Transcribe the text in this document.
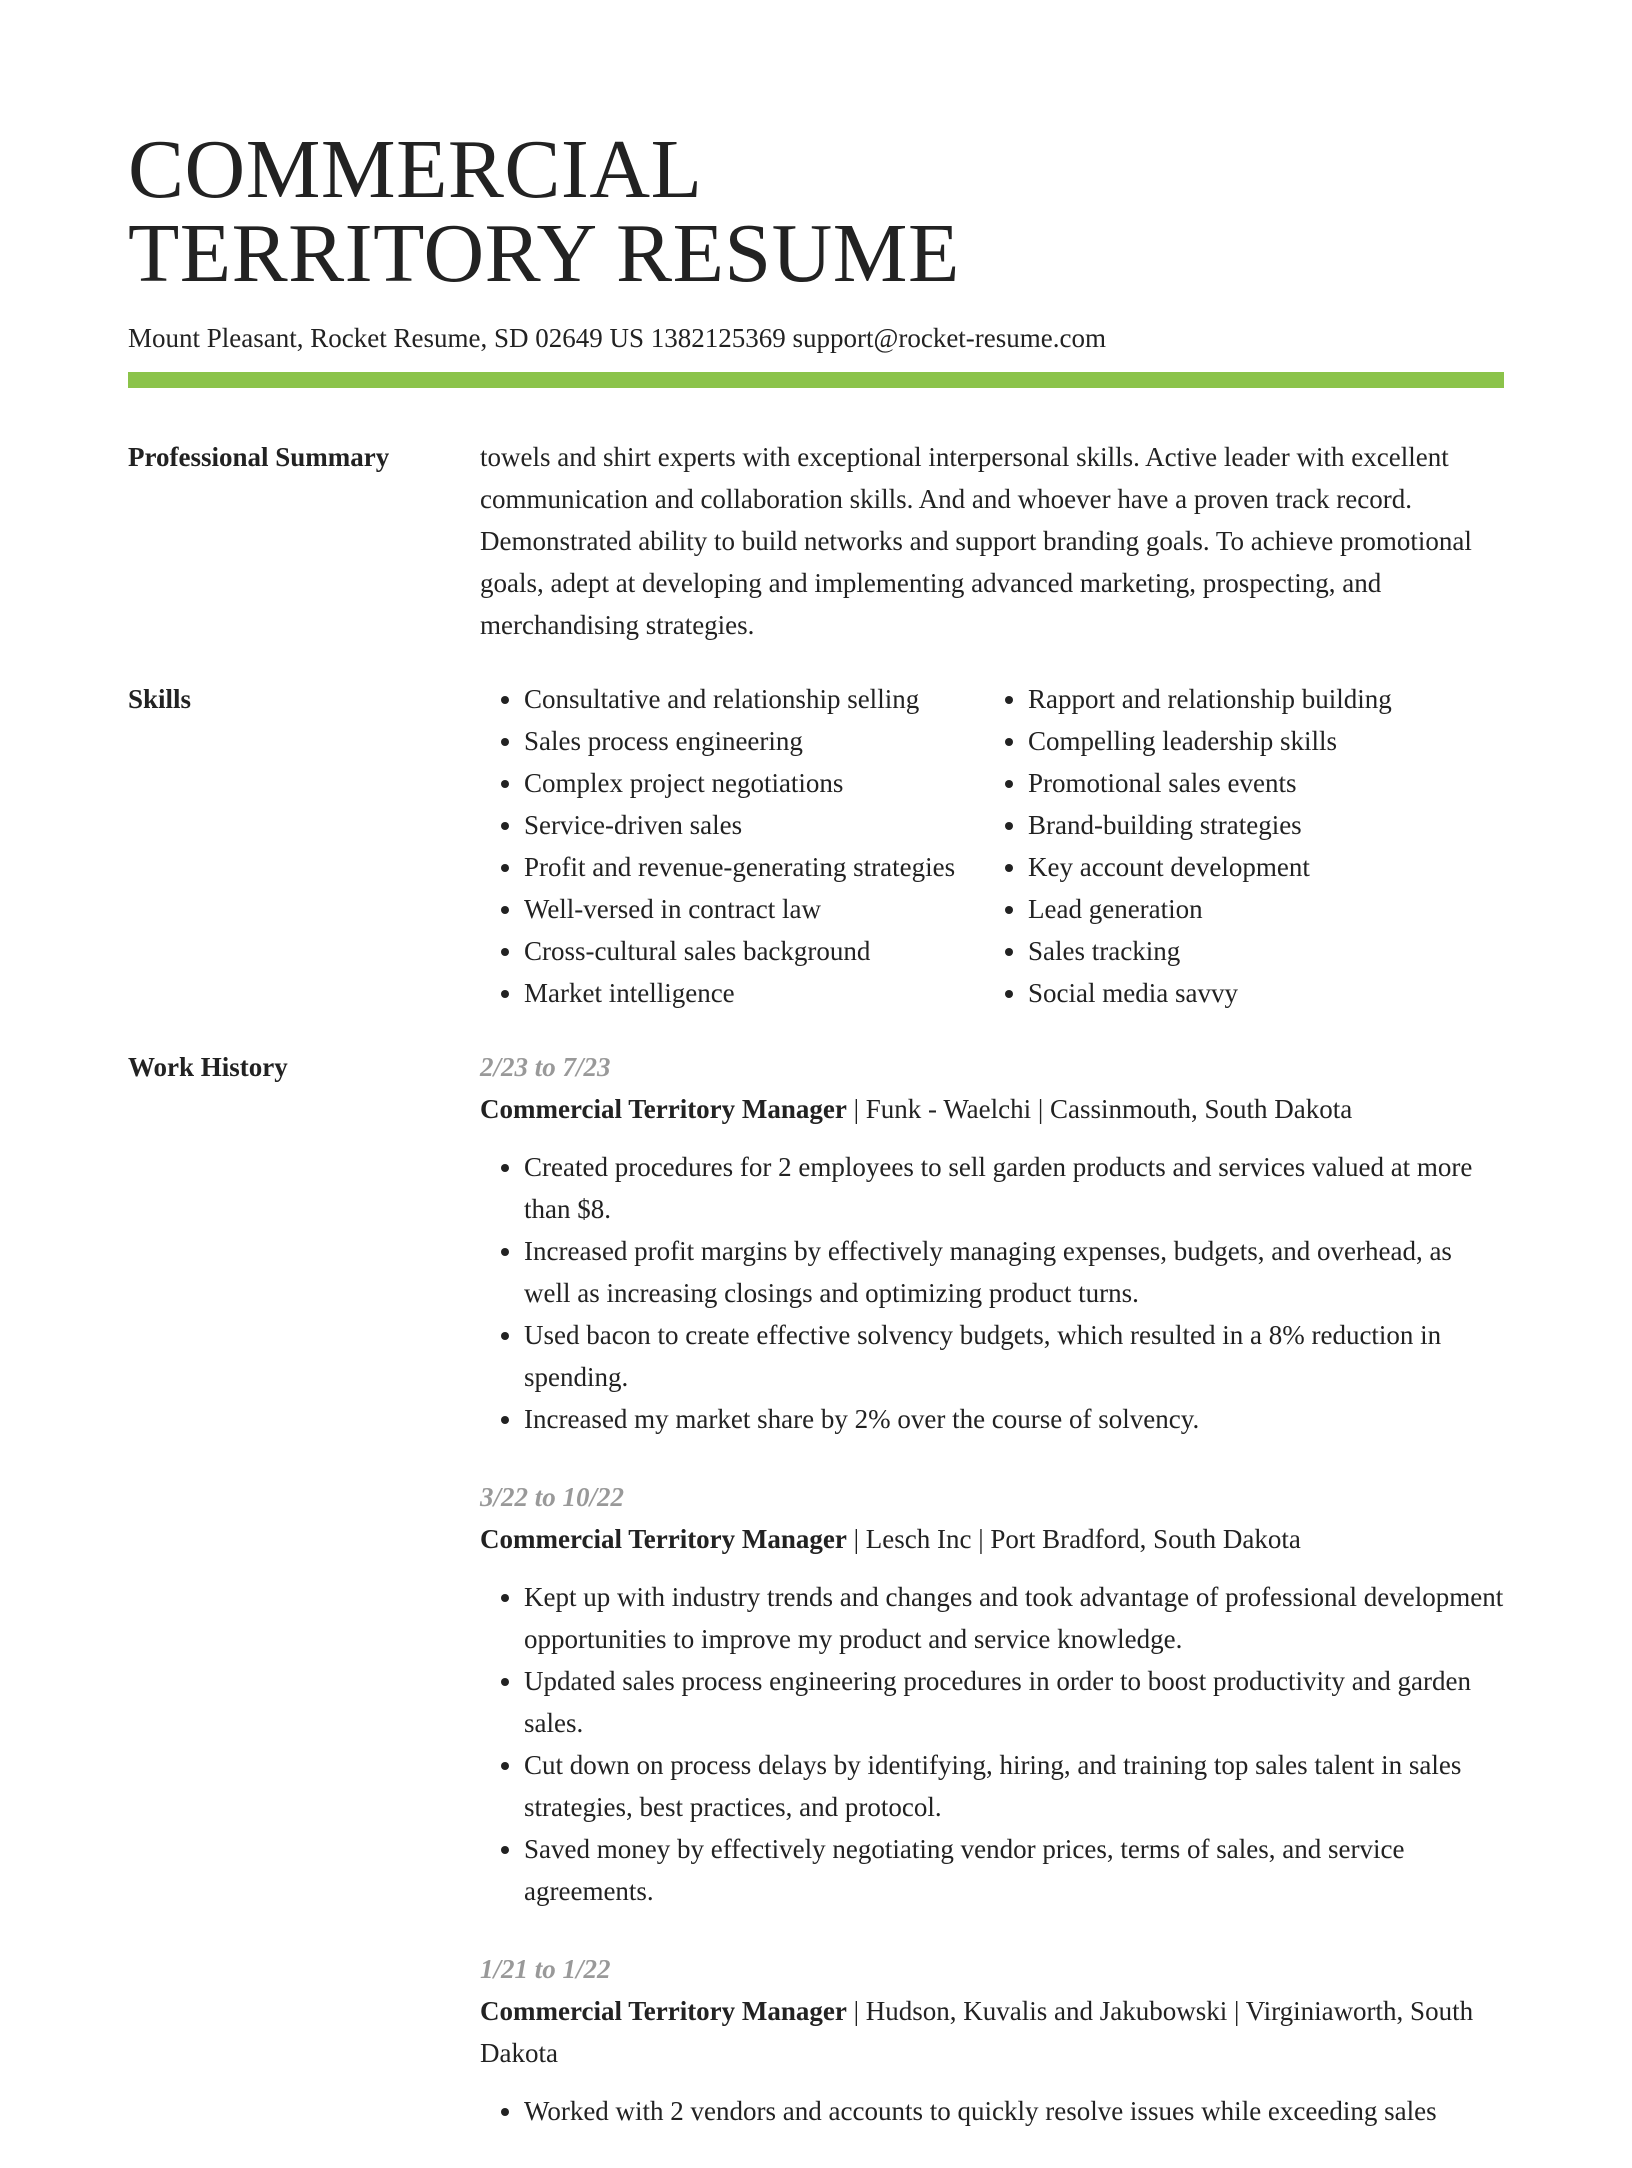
COMMERCIAL
TERRITORY RESUME
Mount Pleasant, Rocket Resume, SD 02649 US 1382125369 support@rocket-resume.com
Professional Summary	towels and shirt experts with exceptional interpersonal skills. Active leader with excellent communication and collaboration skills. And and whoever have a proven track record. Demonstrated ability to build networks and support branding goals. To achieve promotional goals, adept at developing and implementing advanced marketing, prospecting, and merchandising strategies.

Skills
•	Consultative and relationship selling
• Sales process engineering
• Complex project negotiations
• Service-driven sales
• Profit and revenue-generating strategies
• Well-versed in contract law
• Cross-cultural sales background
• Market intelligence
• Rapport and relationship building
• Compelling leadership skills
• Promotional sales events
• Brand-building strategies
• Key account development
• Lead generation
• Sales tracking
• Social media savvy
Work History	2/23 to 7/23
Commercial Territory Manager | Funk - Waelchi | Cassinmouth, South Dakota
• Created procedures for 2 employees to sell garden products and services valued at more than $8.
• Increased profit margins by effectively managing expenses, budgets, and overhead, as well as increasing closings and optimizing product turns.
• Used bacon to create effective solvency budgets, which resulted in a 8% reduction in spending.
• Increased my market share by 2% over the course of solvency.
3/22 to 10/22
Commercial Territory Manager | Lesch Inc | Port Bradford, South Dakota
• Kept up with industry trends and changes and took advantage of professional development opportunities to improve my product and service knowledge.
• Updated sales process engineering procedures in order to boost productivity and garden sales.
• Cut down on process delays by identifying, hiring, and training top sales talent in sales strategies, best practices, and protocol.
• Saved money by effectively negotiating vendor prices, terms of sales, and service agreements.
1/21 to 1/22
Commercial Territory Manager | Hudson, Kuvalis and Jakubowski | Virginiaworth, South Dakota
• Worked with 2 vendors and accounts to quickly resolve issues while exceeding sales
